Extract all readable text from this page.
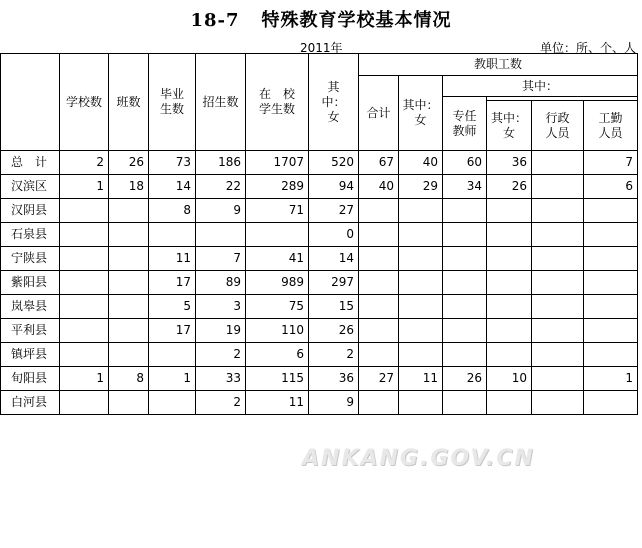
18-7 特殊教育学校基本情况
2011年	单位：所、个、人
	学校数	班数	毕业生数	招生数	在　校学生数	其中：女	教职工数					
							合计	其中：女	其中：			
									专任教师			
										其中：女	行政人员	工勤人员

总　计	2	26	73	186	1707	520	67	40	60	36		7
汉滨区	1	18	14	22	289	94	40	29	34	26		6
汉阴县			8	9	71	27						
石泉县						0						
宁陕县			11	7	41	14						
紫阳县			17	89	989	297						
岚皋县			5	3	75	15						
平利县			17	19	110	26						
镇坪县				2	6	2						
旬阳县	1	8	1	33	115	36	27	11	26	10		1
白河县				2	11	9						
ANKANG.GOV.CN
